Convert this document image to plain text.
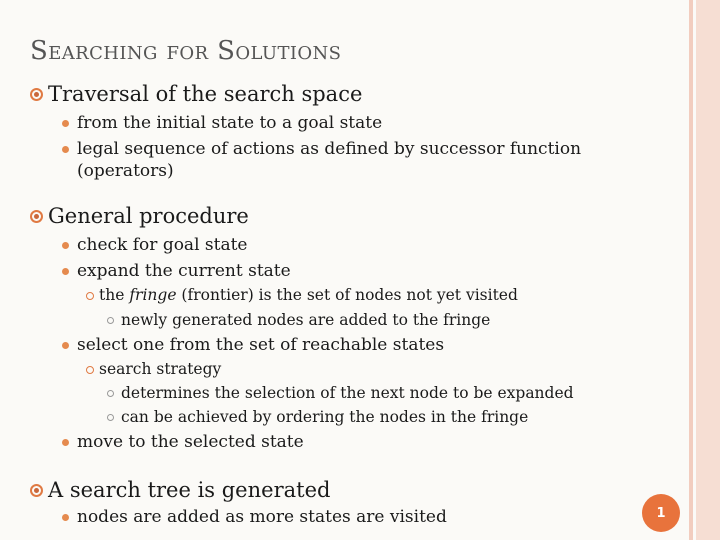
Searching for Solutions
Traversal of the search space
from the initial state to a goal state
legal sequence of actions as defined by successor function
(operators)
General procedure
check for goal state
expand the current state
the fringe (frontier) is the set of nodes not yet visited
newly generated nodes are added to the fringe
select one from the set of reachable states
search strategy
determines the selection of the next node to be expanded
can be achieved by ordering the nodes in the fringe
move to the selected state
A search tree is generated
nodes are added as more states are visited	1
